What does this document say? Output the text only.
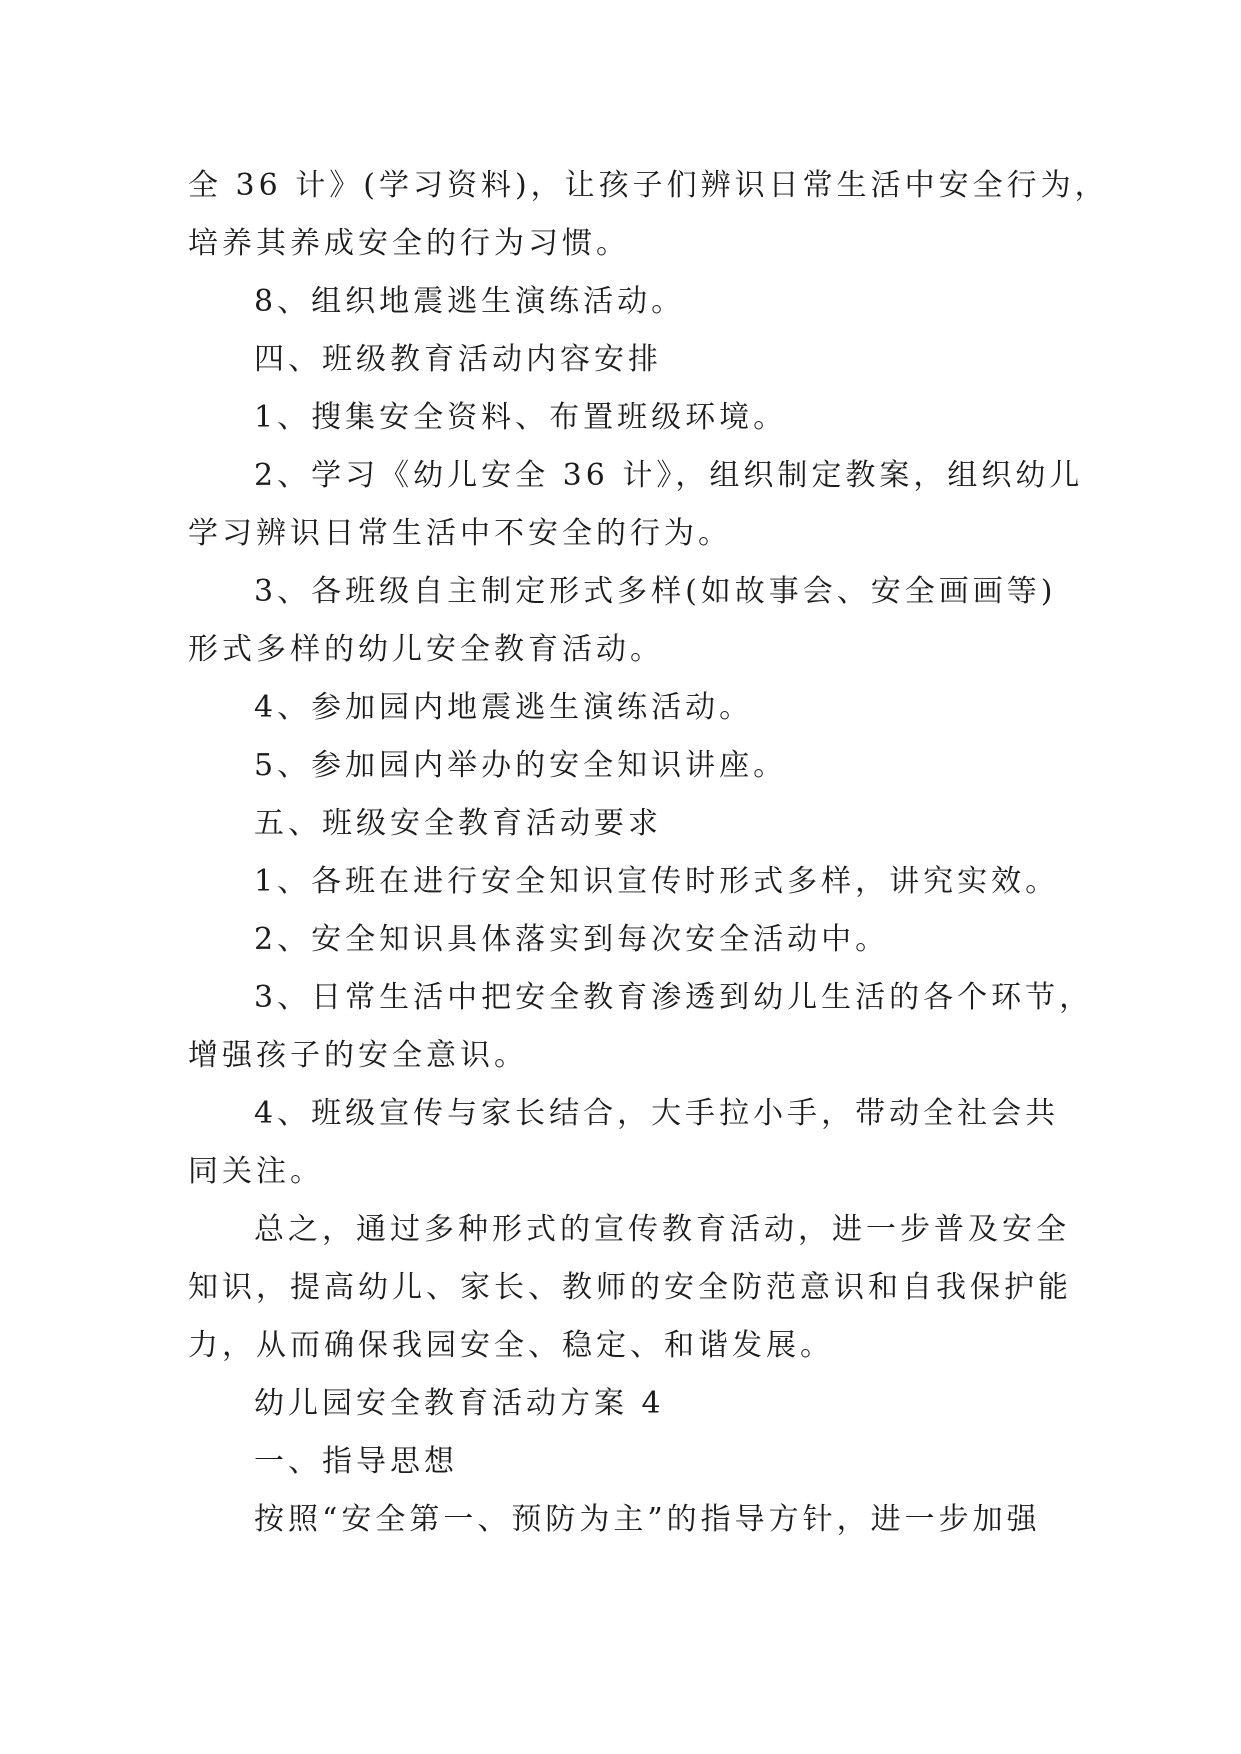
全 36 计》(学习资料)，让孩子们辨识日常生活中安全行为，

培养其养成安全的行为习惯。

8、组织地震逃生演练活动。

四、班级教育活动内容安排

1、搜集安全资料、布置班级环境。

2、学习《幼儿安全 36 计》，组织制定教案，组织幼儿

学习辨识日常生活中不安全的行为。

3、各班级自主制定形式多样(如故事会、安全画画等)

形式多样的幼儿安全教育活动。

4、参加园内地震逃生演练活动。

5、参加园内举办的安全知识讲座。

五、班级安全教育活动要求

1、各班在进行安全知识宣传时形式多样，讲究实效。

2、安全知识具体落实到每次安全活动中。

3、日常生活中把安全教育渗透到幼儿生活的各个环节，

增强孩子的安全意识。

4、班级宣传与家长结合，大手拉小手，带动全社会共

同关注。

总之，通过多种形式的宣传教育活动，进一步普及安全

知识，提高幼儿、家长、教师的安全防范意识和自我保护能

力，从而确保我园安全、稳定、和谐发展。

幼儿园安全教育活动方案 4

一、指导思想

按照“安全第一、预防为主”的指导方针，进一步加强
